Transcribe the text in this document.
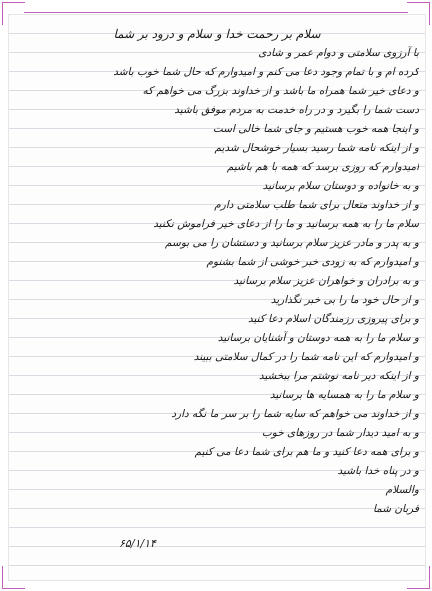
سلام بر رحمت خدا و سلام و درود بر شما
با آرزوی سلامتی و دوام عمر و شادی
کرده ام و با تمام وجود دعا می کنم و امیدوارم که حال شما خوب باشد
و دعای خیر شما همراه ما باشد و از خداوند بزرگ می خواهم که
دست شما را بگیرد و در راه خدمت به مردم موفق باشید
و اینجا همه خوب هستیم و جای شما خالی است
و از اینکه نامه شما رسید بسیار خوشحال شدیم
امیدوارم که روزی برسد که همه با هم باشیم
و به خانواده و دوستان سلام برسانید
و از خداوند متعال برای شما طلب سلامتی دارم
سلام ما را به همه برسانید و ما را از دعای خیر فراموش نکنید
و به پدر و مادر عزیز سلام برسانید و دستشان را می بوسم
و امیدوارم که به زودی خبر خوشی از شما بشنوم
و به برادران و خواهران عزیز سلام برسانید
و از حال خود ما را بی خبر نگذارید
و برای پیروزی رزمندگان اسلام دعا کنید
و سلام ما را به همه دوستان و آشنایان برسانید
و امیدوارم که این نامه شما را در کمال سلامتی ببیند
و از اینکه دیر نامه نوشتم مرا ببخشید
و سلام ما را به همسایه ها برسانید
و از خداوند می خواهم که سایه شما را بر سر ما نگه دارد
و به امید دیدار شما در روزهای خوب
و برای همه دعا کنید و ما هم برای شما دعا می کنیم
و در پناه خدا باشید
والسلام
قربان شما
۶۵/۱/۱۴
